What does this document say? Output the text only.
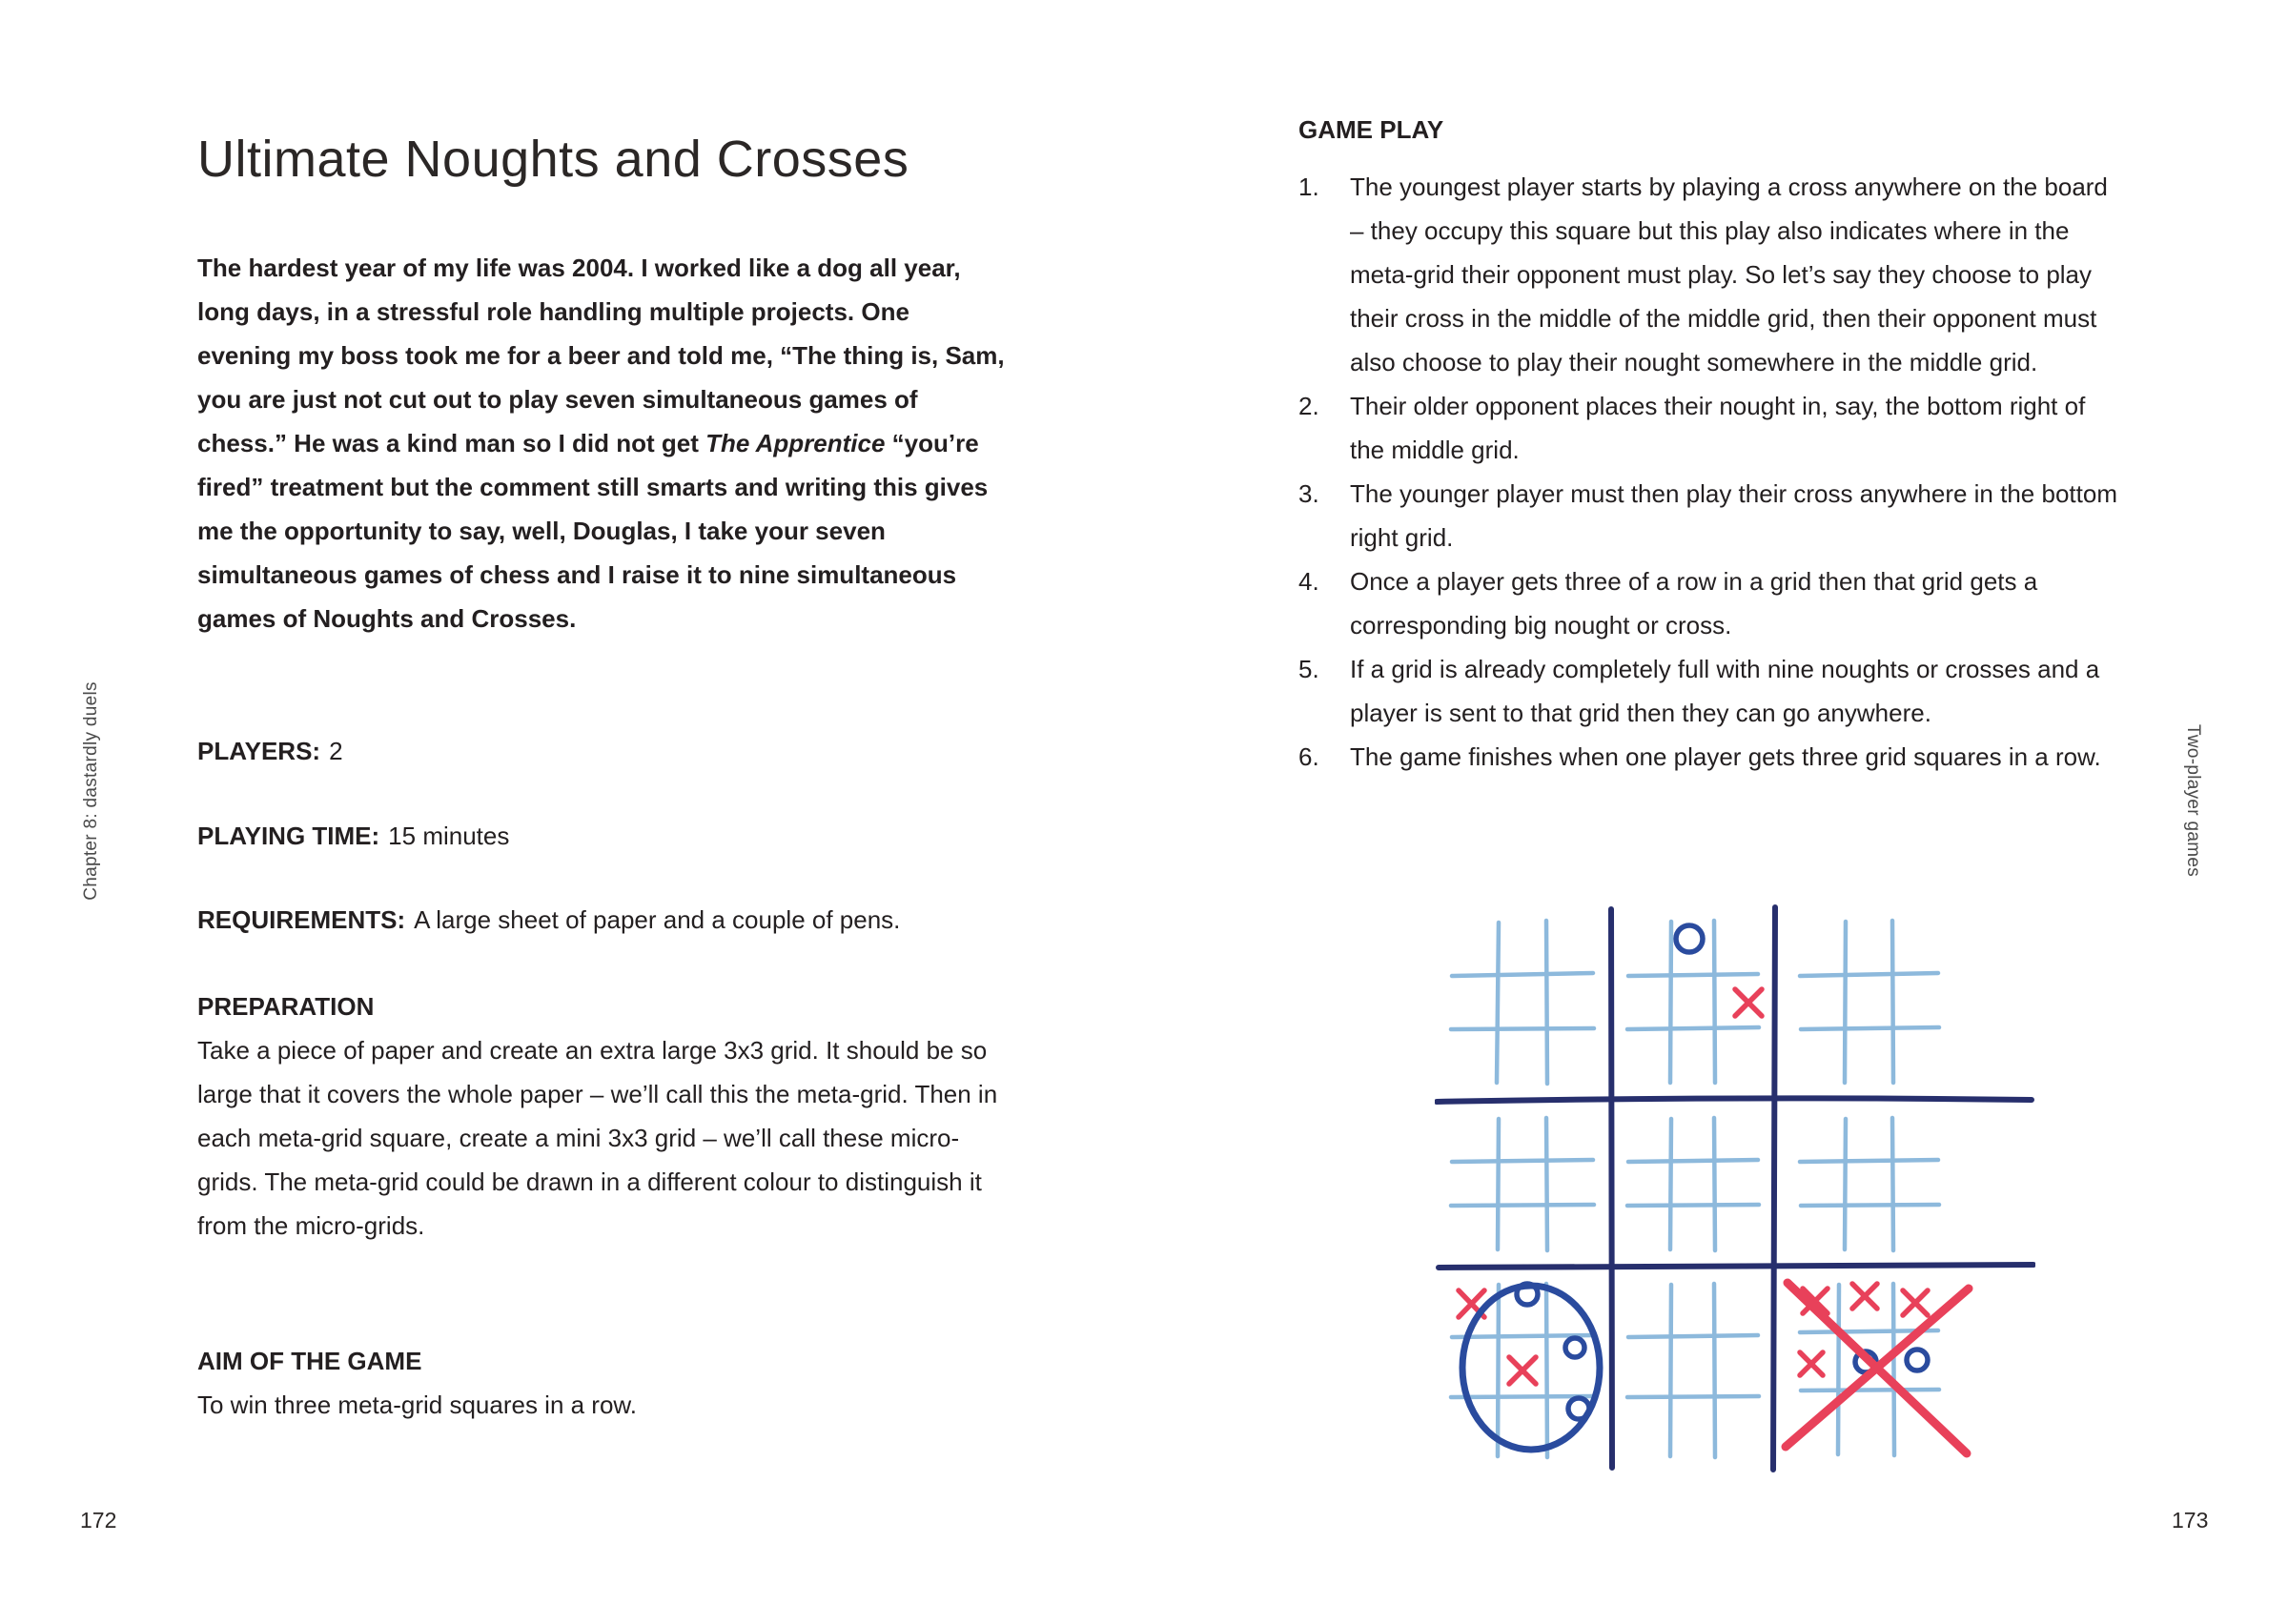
Ultimate Noughts and Crosses
The hardest year of my life was 2004. I worked like a dog all year, long days, in a stressful role handling multiple projects. One evening my boss took me for a beer and told me, “The thing is, Sam, you are just not cut out to play seven simultaneous games of chess.” He was a kind man so I did not get The Apprentice “you’re fired” treatment but the comment still smarts and writing this gives me the opportunity to say, well, Douglas, I take your seven simultaneous games of chess and I raise it to nine simultaneous games of Noughts and Crosses.
PLAYERS: 2
PLAYING TIME: 15 minutes
REQUIREMENTS: A large sheet of paper and a couple of pens.
PREPARATION
Take a piece of paper and create an extra large 3x3 grid. It should be so large that it covers the whole paper – we’ll call this the meta-grid. Then in each meta-grid square, create a mini 3x3 grid – we’ll call these micro-grids. The meta-grid could be drawn in a different colour to distinguish it from the micro-grids.
AIM OF THE GAME
To win three meta-grid squares in a row.
Chapter 8: dastardly duels
172
GAME PLAY
1.	The youngest player starts by playing a cross anywhere on the board – they occupy this square but this play also indicates where in the meta-grid their opponent must play. So let’s say they choose to play their cross in the middle of the middle grid, then their opponent must also choose to play their nought somewhere in the middle grid.
2.	Their older opponent places their nought in, say, the bottom right of the middle grid.
3.	The younger player must then play their cross anywhere in the bottom right grid.
4.	Once a player gets three of a row in a grid then that grid gets a corresponding big nought or cross.
5.	If a grid is already completely full with nine noughts or crosses and a player is sent to that grid then they can go anywhere.
6.	The game finishes when one player gets three grid squares in a row.	Two-player games
173
